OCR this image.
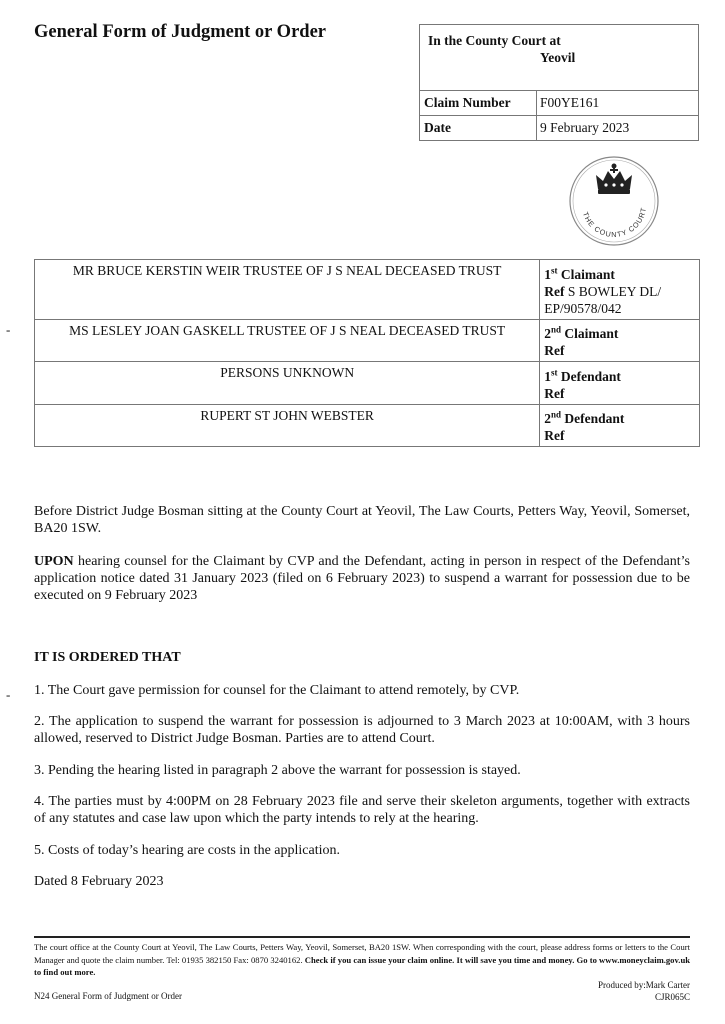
General Form of Judgment or Order	In the County Court at
Yeovil
Claim Number F00YE161
Date	9 February 2023
THE COUNTY COURT
MR BRUCE KERSTIN WEIR TRUSTEE OF J S NEAL DECEASED TRUST	1st Claimant
Ref S BOWLEY DL/ EP/90578/042
MS LESLEY JOAN GASKELL TRUSTEE OF J S NEAL DECEASED TRUST	2nd Claimant
Ref
PERSONS UNKNOWN	1st Defendant
Ref
RUPERT ST JOHN WEBSTER	2nd Defendant
Ref
-
-
Before District Judge Bosman sitting at the County Court at Yeovil, The Law Courts, Petters Way, Yeovil, Somerset, BA20 1SW.
UPON hearing counsel for the Claimant by CVP and the Defendant, acting in person in respect of the Defendant’s application notice dated 31 January 2023 (filed on 6 February 2023) to suspend a warrant for possession due to be executed on 9 February 2023
IT IS ORDERED THAT
1. The Court gave permission for counsel for the Claimant to attend remotely, by CVP.
2. The application to suspend the warrant for possession is adjourned to 3 March 2023 at 10:00AM, with 3 hours allowed, reserved to District Judge Bosman. Parties are to attend Court.
3. Pending the hearing listed in paragraph 2 above the warrant for possession is stayed.
4. The parties must by 4:00PM on 28 February 2023 file and serve their skeleton arguments, together with extracts of any statutes and case law upon which the party intends to rely at the hearing.
5. Costs of today’s hearing are costs in the application.
Dated 8 February 2023
The court office at the County Court at Yeovil, The Law Courts, Petters Way, Yeovil, Somerset, BA20 1SW. When corresponding with the court, please address forms or letters to the Court Manager and quote the claim number. Tel: 01935 382150 Fax: 0870 3240162. Check if you can issue your claim online. It will save you time and money. Go to www.moneyclaim.gov.uk to find out more.
Produced by:Mark Carter
CJR065C
N24 General Form of Judgment or Order
